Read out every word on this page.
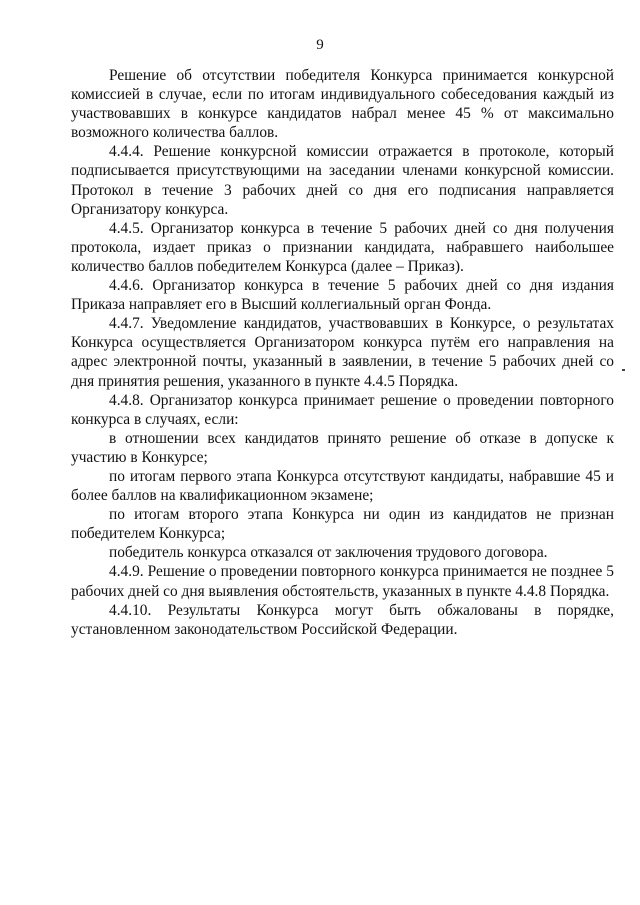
9

Решение об отсутствии победителя Конкурса принимается конкурсной комиссией в случае, если по итогам индивидуального собеседования каждый из участвовавших в конкурсе кандидатов набрал менее 45 % от максимально возможного количества баллов.

4.4.4. Решение конкурсной комиссии отражается в протоколе, который подписывается присутствующими на заседании членами конкурсной комиссии. Протокол в течение 3 рабочих дней со дня его подписания направляется Организатору конкурса.

4.4.5. Организатор конкурса в течение 5 рабочих дней со дня получения протокола, издает приказ о признании кандидата, набравшего наибольшее количество баллов победителем Конкурса (далее – Приказ).

4.4.6. Организатор конкурса в течение 5 рабочих дней со дня издания Приказа направляет его в Высший коллегиальный орган Фонда.

4.4.7. Уведомление кандидатов, участвовавших в Конкурсе, о результатах Конкурса осуществляется Организатором конкурса путём его направления на адрес электронной почты, указанный в заявлении, в течение 5 рабочих дней со дня принятия решения, указанного в пункте 4.4.5 Порядка.

4.4.8. Организатор конкурса принимает решение о проведении повторного конкурса в случаях, если:

в отношении всех кандидатов принято решение об отказе в допуске к участию в Конкурсе;

по итогам первого этапа Конкурса отсутствуют кандидаты, набравшие 45 и более баллов на квалификационном экзамене;

по итогам второго этапа Конкурса ни один из кандидатов не признан победителем Конкурса;

победитель конкурса отказался от заключения трудового договора.

4.4.9. Решение о проведении повторного конкурса принимается не позднее 5 рабочих дней со дня выявления обстоятельств, указанных в пункте 4.4.8 Порядка.

4.4.10. Результаты Конкурса могут быть обжалованы в порядке, установленном законодательством Российской Федерации.
